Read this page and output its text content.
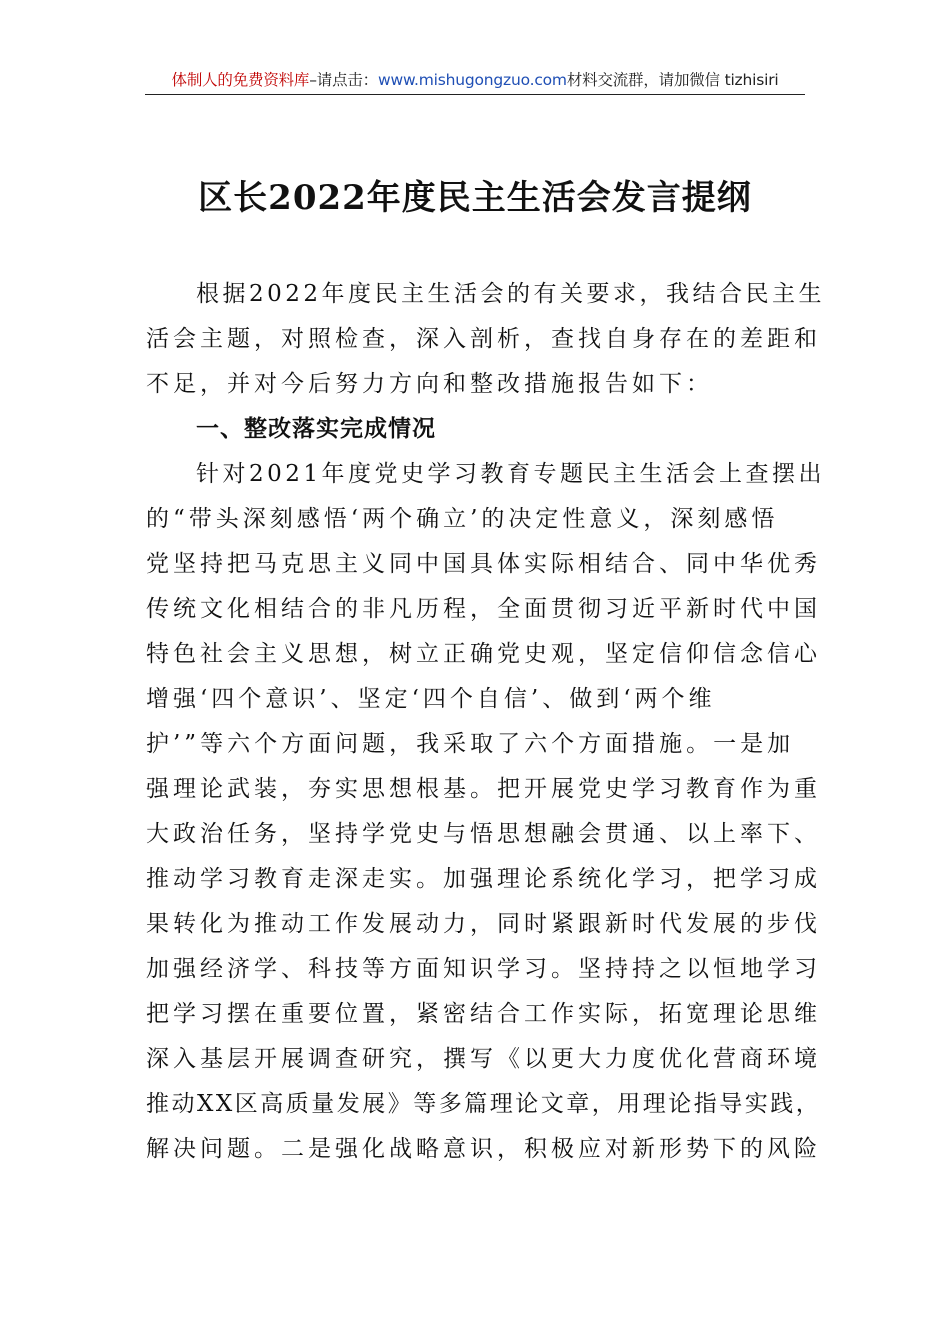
体制人的免费资料库–请点击：www.mishugongzuo.com材料交流群，请加微信 tizhisiri
区长2022年度民主生活会发言提纲
根据2022年度民主生活会的有关要求，我结合民主生
活会主题，对照检查，深入剖析，查找自身存在的差距和
不足，并对今后努力方向和整改措施报告如下：
一、整改落实完成情况
针对2021年度党史学习教育专题民主生活会上查摆出
的“带头深刻感悟‘两个确立’的决定性意义，深刻感悟
党坚持把马克思主义同中国具体实际相结合、同中华优秀
传统文化相结合的非凡历程，全面贯彻习近平新时代中国
特色社会主义思想，树立正确党史观，坚定信仰信念信心
增强‘四个意识’、坚定‘四个自信’、做到‘两个维
护’”等六个方面问题，我采取了六个方面措施。一是加
强理论武装，夯实思想根基。把开展党史学习教育作为重
大政治任务，坚持学党史与悟思想融会贯通、以上率下、
推动学习教育走深走实。加强理论系统化学习，把学习成
果转化为推动工作发展动力，同时紧跟新时代发展的步伐
加强经济学、科技等方面知识学习。坚持持之以恒地学习
把学习摆在重要位置，紧密结合工作实际，拓宽理论思维
深入基层开展调查研究，撰写《以更大力度优化营商环境
推动XX区高质量发展》等多篇理论文章，用理论指导实践，
解决问题。二是强化战略意识，积极应对新形势下的风险
